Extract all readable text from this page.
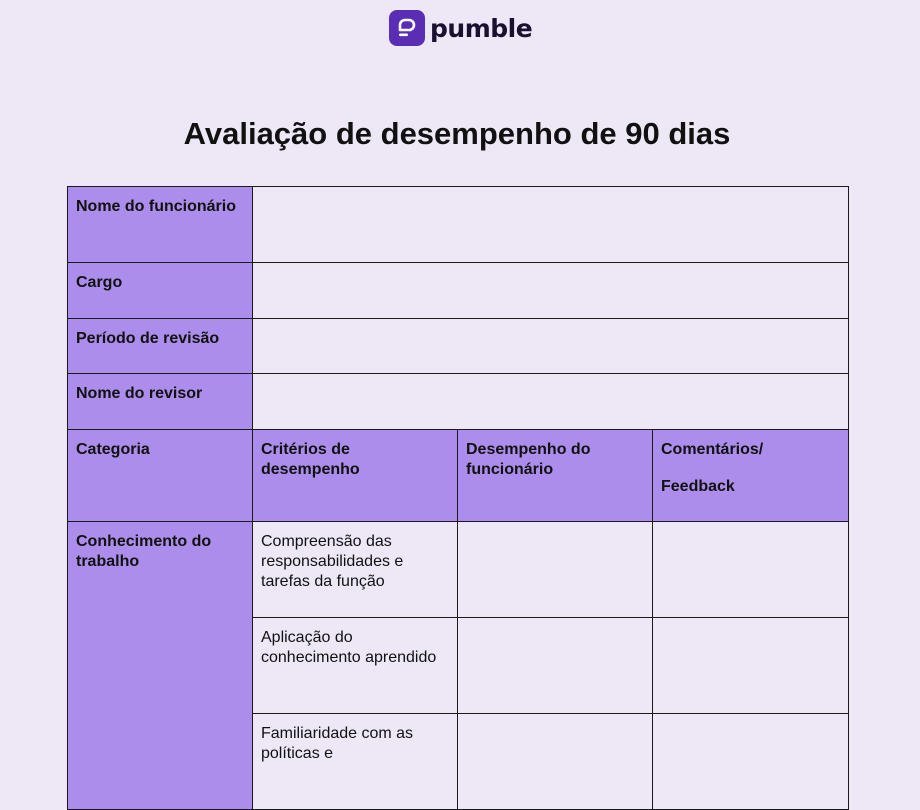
pumble
Avaliação de desempenho de 90 dias
Nome do funcionário			
Cargo			
Período de revisão			
Nome do revisor			
Categoria	Critérios de desempenho	Desempenho do funcionário	Comentários/
Feedback
Conhecimento do trabalho	Compreensão das responsabilidades e tarefas da função		
	Aplicação do conhecimento aprendido		
	Familiaridade com as políticas e		
